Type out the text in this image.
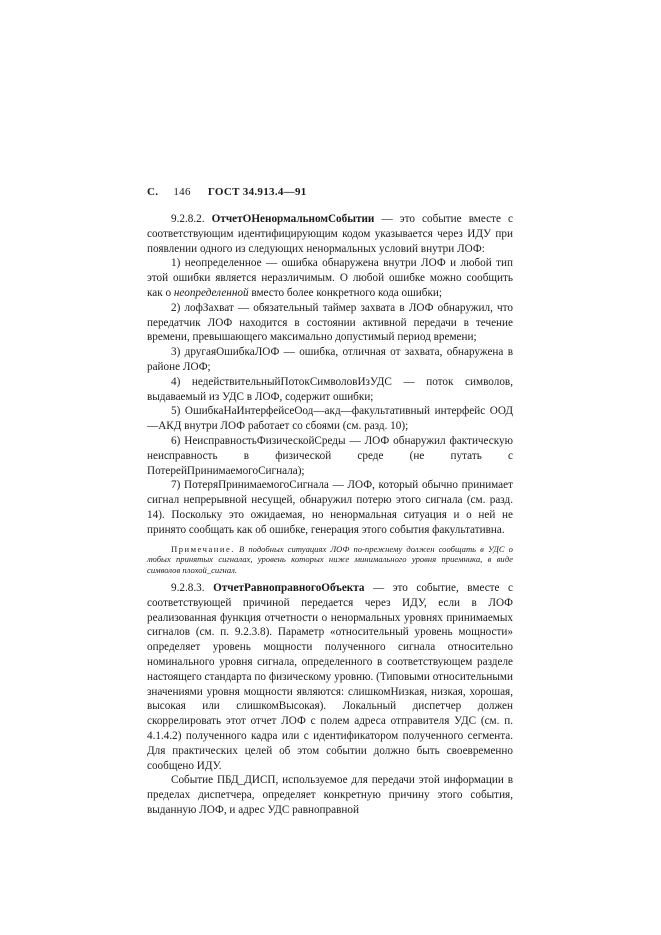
С. 146 ГОСТ 34.913.4—91

9.2.8.2. ОтчетОНенормальномСобытии — это событие вместе с соответствующим идентифицирующим кодом указывается через ИДУ при появлении одного из следующих ненормальных условий внутри ЛОФ:

1) неопределенное — ошибка обнаружена внутри ЛОФ и любой тип этой ошибки является неразличимым. О любой ошибке можно сообщить как о неопределенной вместо более конкретного кода ошибки;

2) лофЗахват — обязательный таймер захвата в ЛОФ обнаружил, что передатчик ЛОФ находится в состоянии активной передачи в течение времени, превышающего максимально допустимый период времени;

3) другаяОшибкаЛОФ — ошибка, отличная от захвата, обнаружена в районе ЛОФ;

4) недействительныйПотокСимволовИзУДС — поток символов, выдаваемый из УДС в ЛОФ, содержит ошибки;

5) ОшибкаНаИнтерфейсеОод—акд—факультативный интерфейс ООД—АКД внутри ЛОФ работает со сбоями (см. разд. 10);

6) НеисправностьФизическойСреды — ЛОФ обнаружил фактическую неисправность в физической среде (не путать с ПотерейПринимаемогоСигнала);

7) ПотеряПринимаемогоСигнала — ЛОФ, который обычно принимает сигнал непрерывной несущей, обнаружил потерю этого сигнала (см. разд. 14). Поскольку это ожидаемая, но ненормальная ситуация и о ней не принято сообщать как об ошибке, генерация этого события факультативна.

Примечание. В подобных ситуациях ЛОФ по-прежнему должен сообщать в УДС о любых принятых сигналах, уровень которых ниже минимального уровня приемника, в виде символов плохой_сигнал.

9.2.8.3. ОтчетРавноправногоОбъекта — это событие, вместе с соответствующей причиной передается через ИДУ, если в ЛОФ реализованная функция отчетности о ненормальных уровнях принимаемых сигналов (см. п. 9.2.3.8). Параметр «относительный уровень мощности» определяет уровень мощности полученного сигнала относительно номинального уровня сигнала, определенного в соответствующем разделе настоящего стандарта по физическому уровню. (Типовыми относительными значениями уровня мощности являются: слишкомНизкая, низкая, хорошая, высокая или слишкомВысокая). Локальный диспетчер должен скоррелировать этот отчет ЛОФ с полем адреса отправителя УДС (см. п. 4.1.4.2) полученного кадра или с идентификатором полученного сегмента. Для практических целей об этом событии должно быть своевременно сообщено ИДУ.

Событие ПБД_ДИСП, используемое для передачи этой информации в пределах диспетчера, определяет конкретную причину этого события, выданную ЛОФ, и адрес УДС равноправной
